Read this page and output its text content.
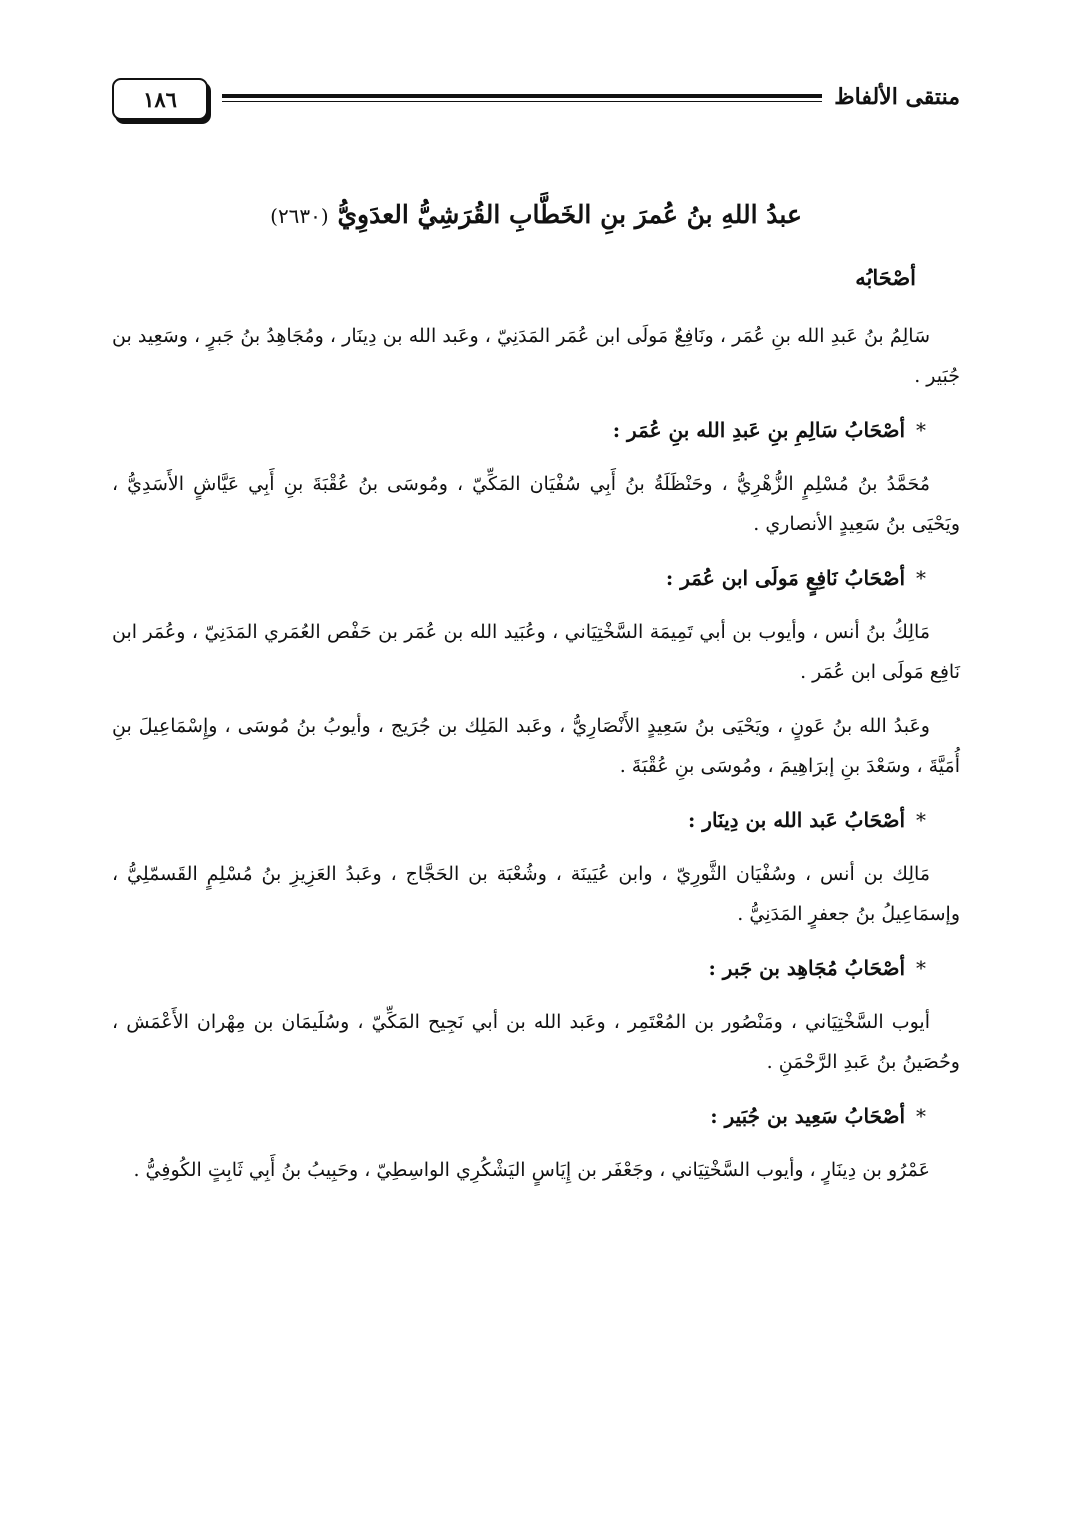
١٨٦	منتقى الألفاظ
عبدُ اللهِ بنُ عُمرَ بنِ الخَطَّابِ القُرَشِيُّ العدَوِيُّ (٢٦٣٠)
أصْحَابُه

سَالِمُ بنُ عَبدِ الله بنِ عُمَر ، ونَافِعٌ مَولَى ابن عُمَر المَدَنِيّ ، وعَبد الله بن دِينَار ، ومُجَاهِدُ بنُ جَبرٍ ، وسَعِيد بن جُبَير .

* أصْحَابُ سَالِمِ بنِ عَبدِ الله بنِ عُمَر :

مُحَمَّدُ بنُ مُسْلِمٍ الزُّهْرِيُّ ، وحَنْظَلَةُ بنُ أَبِي سُفْيَان المَكِّيّ ، ومُوسَى بنُ عُقْبَةَ بنِ أَبِي عَيَّاشٍ الأَسَدِيُّ ، ويَحْيَى بنُ سَعِيدٍ الأنصاري .

* أصْحَابُ نَافِعٍ مَولَى ابن عُمَر :

مَالِكُ بنُ أنس ، وأيوب بن أبي تَمِيمَة السَّخْتِيَاني ، وعُبَيد الله بن عُمَر بن حَفْص العُمَري المَدَنِيّ ، وعُمَر ابن نَافِع مَولَى ابن عُمَر .

وعَبدُ الله بنُ عَونٍ ، ويَحْيَى بنُ سَعِيدٍ الأَنْصَارِيُّ ، وعَبد المَلِك بن جُرَيج ، وأيوبُ بنُ مُوسَى ، وإِسْمَاعِيلَ بنِ أُمَيَّةَ ، وسَعْدَ بنِ إبرَاهِيمَ ، ومُوسَى بنِ عُقْبَةَ .

* أصْحَابُ عَبد الله بن دِينَار :

مَالِك بن أنس ، وسُفْيَان الثَّورِيّ ، وابن عُيَينَة ، وشُعْبَة بن الحَجَّاج ، وعَبدُ العَزِيزِ بنُ مُسْلِمٍ القَسمّلِيُّ ، وإسمَاعِيلُ بنُ جعفرٍ المَدَنِيُّ .

* أصْحَابُ مُجَاهِد بن جَبر :

أيوب السَّخْتِيَاني ، ومَنْصُور بن المُعْتَمِر ، وعَبد الله بن أبي نَجِيح المَكِّيّ ، وسُلَيمَان بن مِهْران الأَعْمَش ، وحُصَينُ بنُ عَبدِ الرَّحْمَنِ .

* أصْحَابُ سَعِيد بن جُبَير :

عَمْرُو بن دِينَارٍ ، وأيوب السَّخْتِيَاني ، وجَعْفَر بن إِيَاسٍ اليَشْكُرِي الواسِطِيّ ، وحَبِيبُ بنُ أَبِي ثَابِتٍ الكُوفِيُّ .
